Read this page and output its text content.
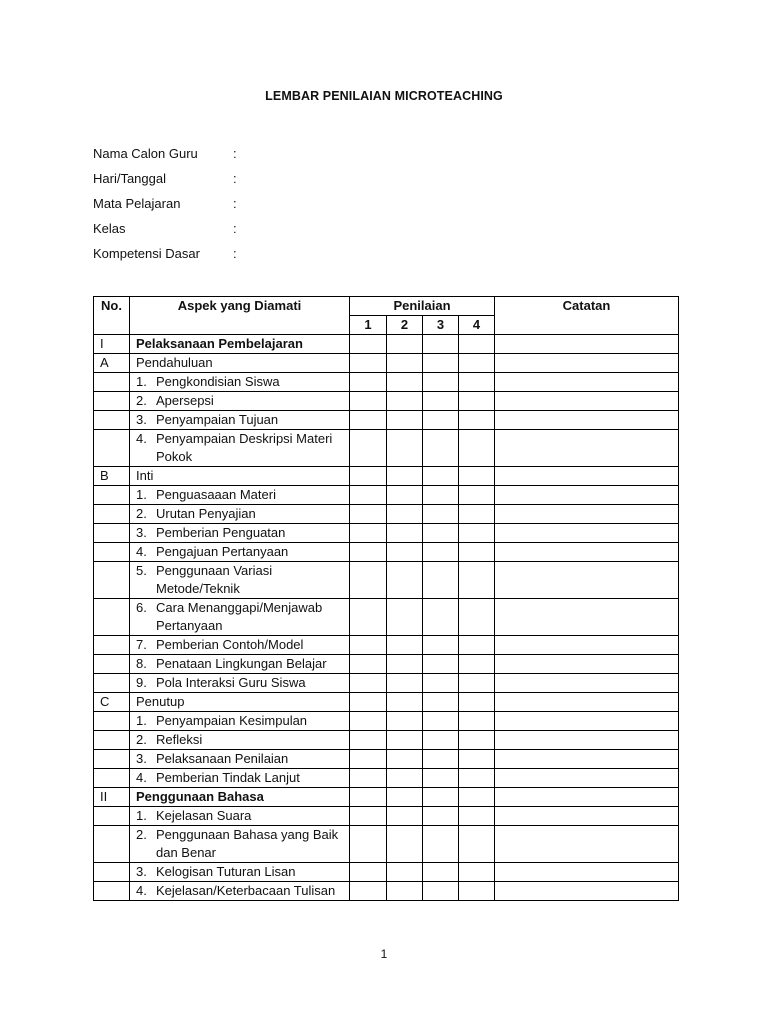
LEMBAR PENILAIAN MICROTEACHING
Nama Calon Guru	:
Hari/Tanggal	:
Mata Pelajaran	:
Kelas	:
Kompetensi Dasar	:
No.	Aspek yang Diamati	Penilaian				Catatan
		1	2	3	4	
I	Pelaksanaan Pembelajaran					
A	Pendahuluan					
	1. Pengkondisian Siswa					
	2. Apersepsi					
	3. Penyampaian Tujuan					
	4. Penyampaian Deskripsi Materi Pokok					
B	Inti					
	1. Penguasaaan Materi					
	2. Urutan Penyajian					
	3. Pemberian Penguatan					
	4. Pengajuan Pertanyaan					
	5. Penggunaan Variasi Metode/Teknik					
	6. Cara Menanggapi/Menjawab Pertanyaan					
	7. Pemberian Contoh/Model					
	8. Penataan Lingkungan Belajar					
	9. Pola Interaksi Guru Siswa					
C	Penutup					
	1. Penyampaian Kesimpulan					
	2. Refleksi					
	3. Pelaksanaan Penilaian					
	4. Pemberian Tindak Lanjut					
II	Penggunaan Bahasa					
	1. Kejelasan Suara					
	2. Penggunaan Bahasa yang Baik dan Benar					
	3. Kelogisan Tuturan Lisan					
	4. Kejelasan/Keterbacaan Tulisan					
1
